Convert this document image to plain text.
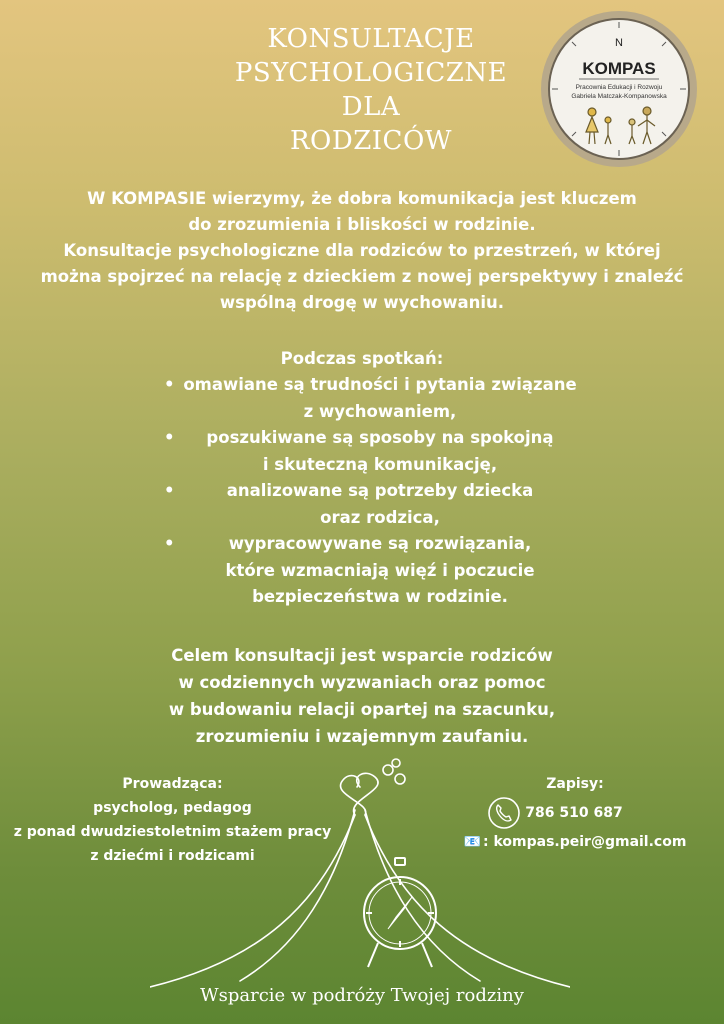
KONSULTACJE
PSYCHOLOGICZNE
DLA
RODZICÓW
N
KOMPAS
Pracownia Edukacji i Rozwoju
Gabriela Matczak-Kompanowska

W KOMPASIE wierzymy, że dobra komunikacja jest kluczem
do zrozumienia i bliskości w rodzinie.
Konsultacje psychologiczne dla rodziców to przestrzeń, w której
można spojrzeć na relację z dzieckiem z nowej perspektywy i znaleźć
wspólną drogę w wychowaniu.

Podczas spotkań:

• omawiane są trudności i pytania związane
z wychowaniem,
• poszukiwane są sposoby na spokojną
i skuteczną komunikację,
• analizowane są potrzeby dziecka
oraz rodzica,
• wypracowywane są rozwiązania,
które wzmacniają więź i poczucie
bezpieczeństwa w rodzinie.

Celem konsultacji jest wsparcie rodziców
w codziennych wyzwaniach oraz pomoc
w budowaniu relacji opartej na szacunku,
zrozumieniu i wzajemnym zaufaniu.

Prowadząca:
psycholog, pedagog
z ponad dwudziestoletnim stażem pracy
z dziećmi i rodzicami
Zapisy:
786 510 687
📧 : kompas.peir@gmail.com
Wsparcie w podróży Twojej rodziny
